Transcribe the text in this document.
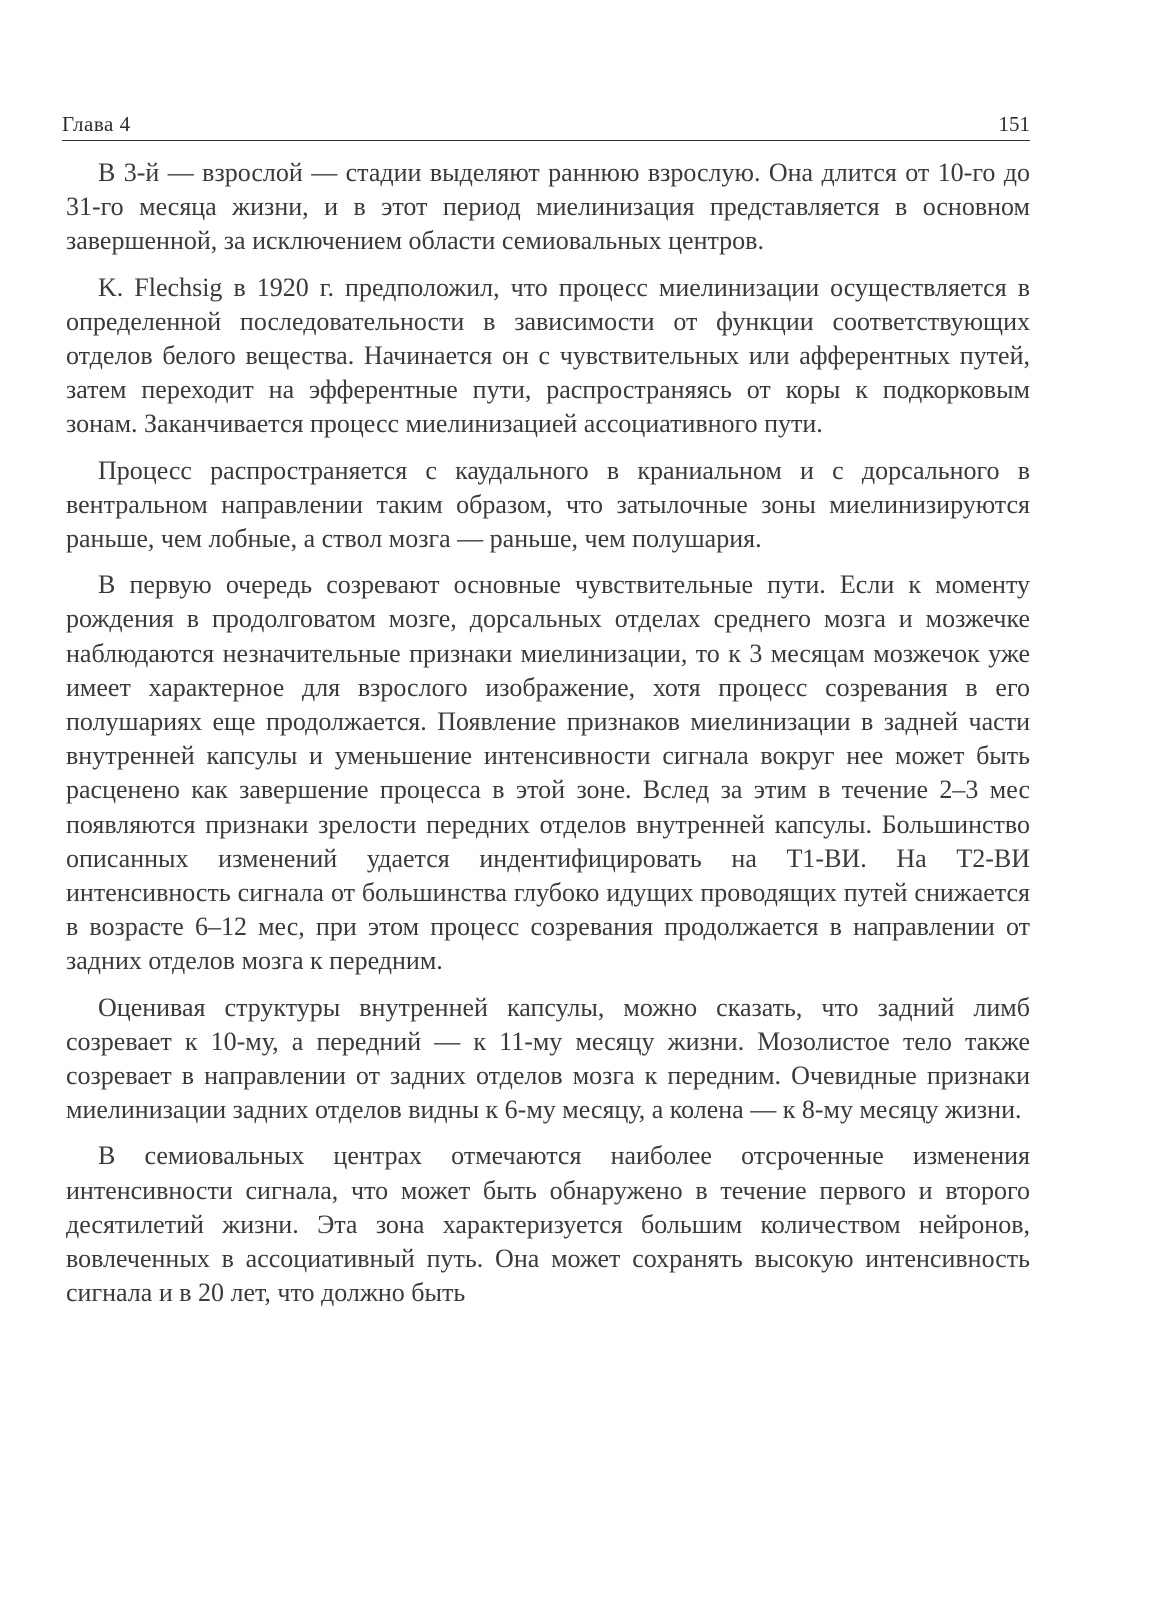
Глава 4	151

В 3-й — взрослой — стадии выделяют раннюю взрослую. Она длится от 10-го до 31-го месяца жизни, и в этот период миелинизация представляется в основном завершенной, за исключением области семиовальных центров.

K. Flechsig в 1920 г. предположил, что процесс миелинизации осуществляется в определенной последовательности в зависимости от функции соответствующих отделов белого вещества. Начинается он с чувствительных или афферентных путей, затем переходит на эфферентные пути, распространяясь от коры к подкорковым зонам. Заканчивается процесс миелинизацией ассоциативного пути.

Процесс распространяется с каудального в краниальном и с дорсального в вентральном направлении таким образом, что затылочные зоны миелинизируются раньше, чем лобные, а ствол мозга — раньше, чем полушария.

В первую очередь созревают основные чувствительные пути. Если к моменту рождения в продолговатом мозге, дорсальных отделах среднего мозга и мозжечке наблюдаются незначительные признаки миелинизации, то к 3 месяцам мозжечок уже имеет характерное для взрослого изображение, хотя процесс созревания в его полушариях еще продолжается. Появление признаков миелинизации в задней части внутренней капсулы и уменьшение интенсивности сигнала вокруг нее может быть расценено как завершение процесса в этой зоне. Вслед за этим в течение 2–3 мес появляются признаки зрелости передних отделов внутренней капсулы. Большинство описанных изменений удается индентифицировать на T1-ВИ. На T2-ВИ интенсивность сигнала от большинства глубоко идущих проводящих путей снижается в возрасте 6–12 мес, при этом процесс созревания продолжается в направлении от задних отделов мозга к передним.

Оценивая структуры внутренней капсулы, можно сказать, что задний лимб созревает к 10-му, а передний — к 11-му месяцу жизни. Мозолистое тело также созревает в направлении от задних отделов мозга к передним. Очевидные признаки миелинизации задних отделов видны к 6-му месяцу, а колена — к 8-му месяцу жизни.

В семиовальных центрах отмечаются наиболее отсроченные изменения интенсивности сигнала, что может быть обнаружено в течение первого и второго десятилетий жизни. Эта зона характеризуется большим количеством нейронов, вовлеченных в ассоциативный путь. Она может сохранять высокую интенсивность сигнала и в 20 лет, что должно быть
